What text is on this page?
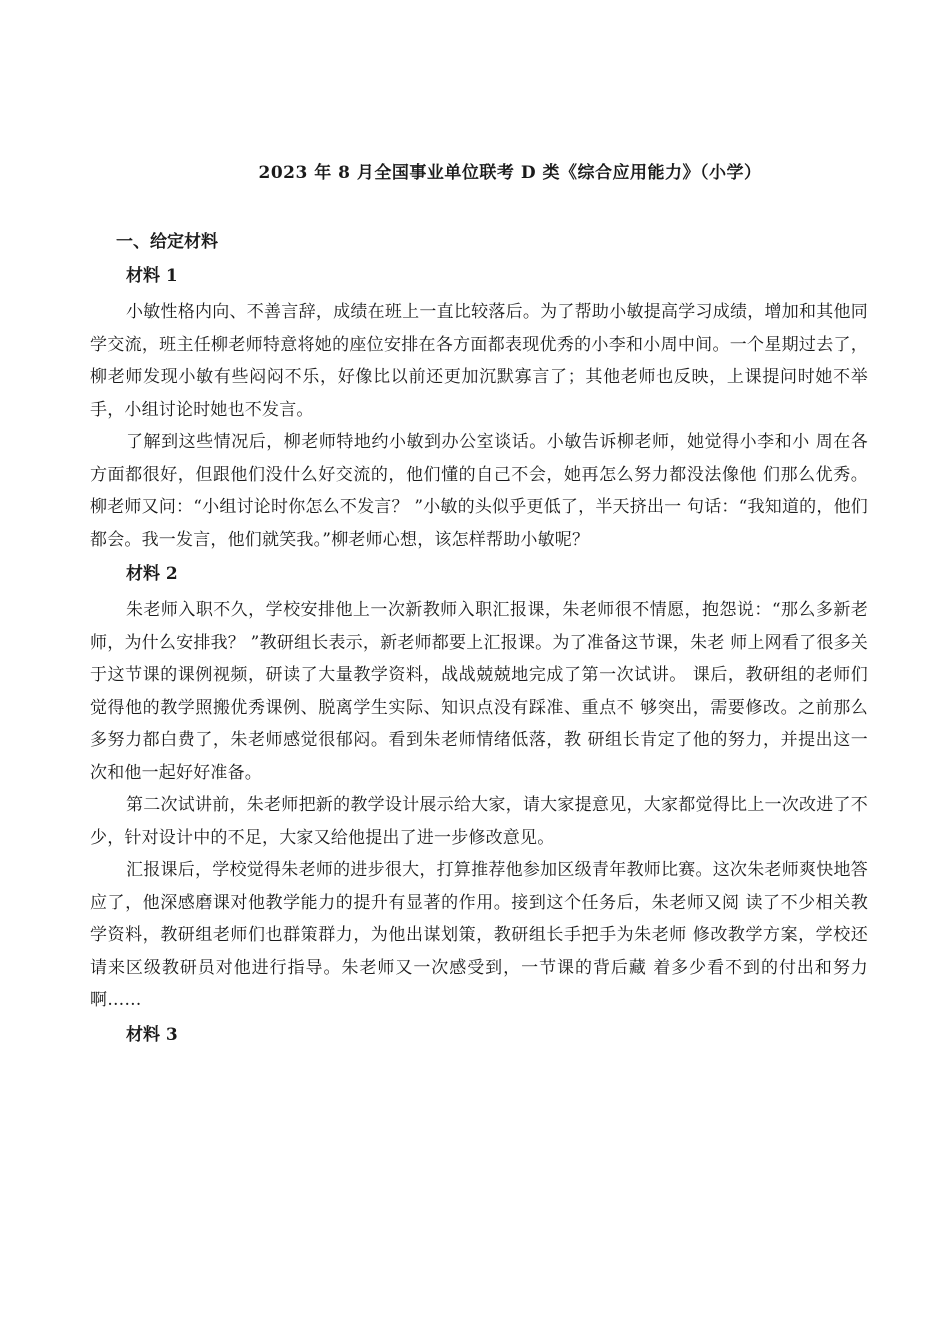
2023 年 8 月全国事业单位联考 D 类《综合应用能力》（小学）
一、给定材料
材料 1

小敏性格内向、不善言辞，成绩在班上一直比较落后。为了帮助小敏提高学习成绩，增加和其他同学交流，班主任柳老师特意将她的座位安排在各方面都表现优秀的小李和小周中间。一个星期过去了，柳老师发现小敏有些闷闷不乐，好像比以前还更加沉默寡言了；其他老师也反映，上课提问时她不举手，小组讨论时她也不发言。

了解到这些情况后，柳老师特地约小敏到办公室谈话。小敏告诉柳老师，她觉得小李和小 周在各方面都很好，但跟他们没什么好交流的，他们懂的自己不会，她再怎么努力都没法像他 们那么优秀。柳老师又问：“小组讨论时你怎么不发言？ ”小敏的头似乎更低了，半天挤出一 句话：“我知道的，他们都会。我一发言，他们就笑我。”柳老师心想，该怎样帮助小敏呢？

材料 2

朱老师入职不久，学校安排他上一次新教师入职汇报课，朱老师很不情愿，抱怨说：“那么多新老师，为什么安排我？ ”教研组长表示，新老师都要上汇报课。为了准备这节课，朱老 师上网看了很多关于这节课的课例视频，研读了大量教学资料，战战兢兢地完成了第一次试讲。 课后，教研组的老师们觉得他的教学照搬优秀课例、脱离学生实际、知识点没有踩准、重点不 够突出，需要修改。之前那么多努力都白费了，朱老师感觉很郁闷。看到朱老师情绪低落，教 研组长肯定了他的努力，并提出这一次和他一起好好准备。

第二次试讲前，朱老师把新的教学设计展示给大家，请大家提意见，大家都觉得比上一次改进了不少，针对设计中的不足，大家又给他提出了进一步修改意见。

汇报课后，学校觉得朱老师的进步很大，打算推荐他参加区级青年教师比赛。这次朱老师爽快地答应了，他深感磨课对他教学能力的提升有显著的作用。接到这个任务后，朱老师又阅 读了不少相关教学资料，教研组老师们也群策群力，为他出谋划策，教研组长手把手为朱老师 修改教学方案，学校还请来区级教研员对他进行指导。朱老师又一次感受到，一节课的背后藏 着多少看不到的付出和努力啊……

材料 3
